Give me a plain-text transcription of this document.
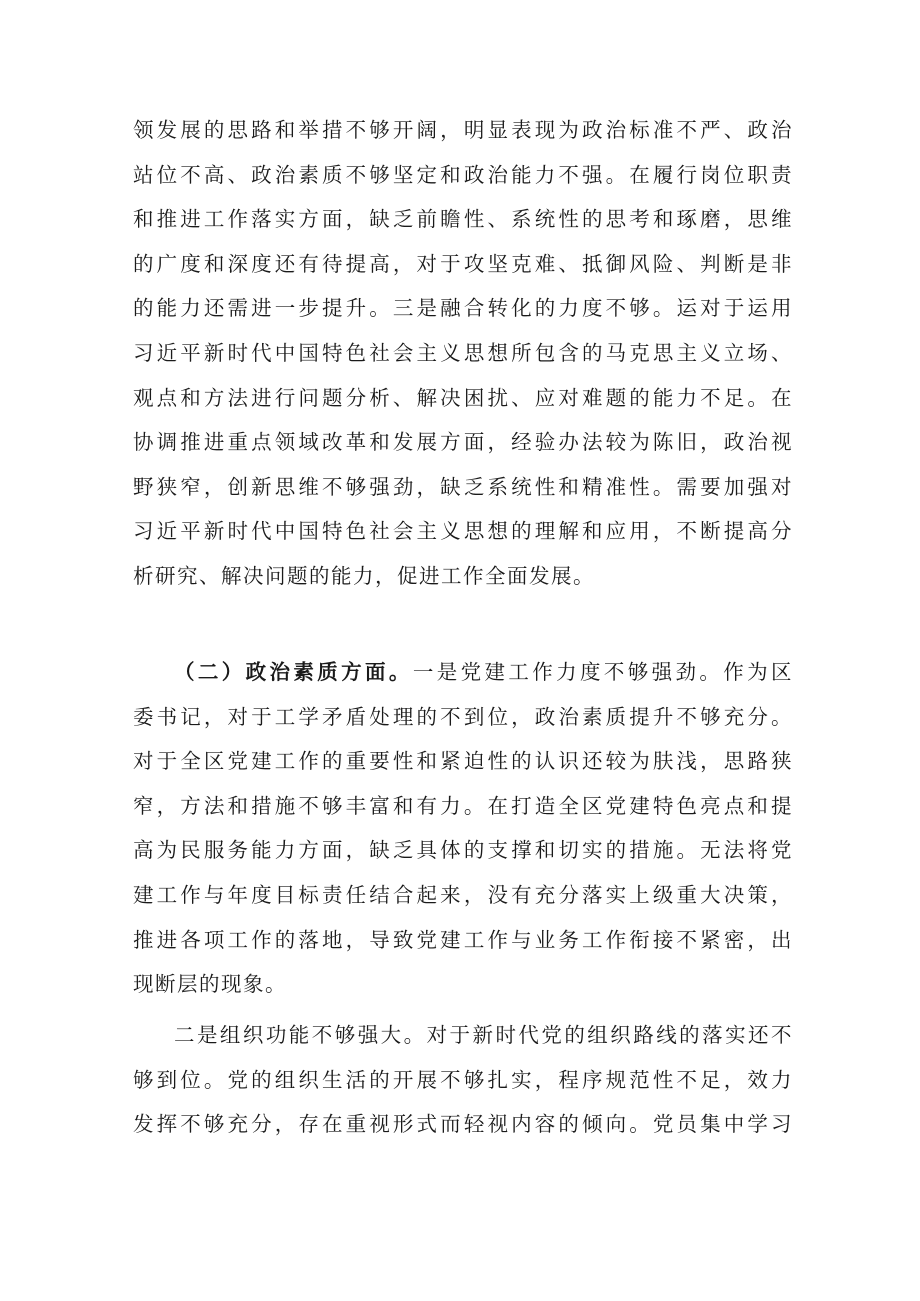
领发展的思路和举措不够开阔，明显表现为政治标准不严、政治
站位不高、政治素质不够坚定和政治能力不强。在履行岗位职责
和推进工作落实方面，缺乏前瞻性、系统性的思考和琢磨，思维
的广度和深度还有待提高，对于攻坚克难、抵御风险、判断是非
的能力还需进一步提升。三是融合转化的力度不够。运对于运用
习近平新时代中国特色社会主义思想所包含的马克思主义立场、
观点和方法进行问题分析、解决困扰、应对难题的能力不足。在
协调推进重点领域改革和发展方面，经验办法较为陈旧，政治视
野狭窄，创新思维不够强劲，缺乏系统性和精准性。需要加强对
习近平新时代中国特色社会主义思想的理解和应用，不断提高分
析研究、解决问题的能力，促进工作全面发展。
（二）政治素质方面。一是党建工作力度不够强劲。作为区
委书记，对于工学矛盾处理的不到位，政治素质提升不够充分。
对于全区党建工作的重要性和紧迫性的认识还较为肤浅，思路狭
窄，方法和措施不够丰富和有力。在打造全区党建特色亮点和提
高为民服务能力方面，缺乏具体的支撑和切实的措施。无法将党
建工作与年度目标责任结合起来，没有充分落实上级重大决策，
推进各项工作的落地，导致党建工作与业务工作衔接不紧密，出
现断层的现象。
二是组织功能不够强大。对于新时代党的组织路线的落实还不
够到位。党的组织生活的开展不够扎实，程序规范性不足，效力
发挥不够充分，存在重视形式而轻视内容的倾向。党员集中学习
